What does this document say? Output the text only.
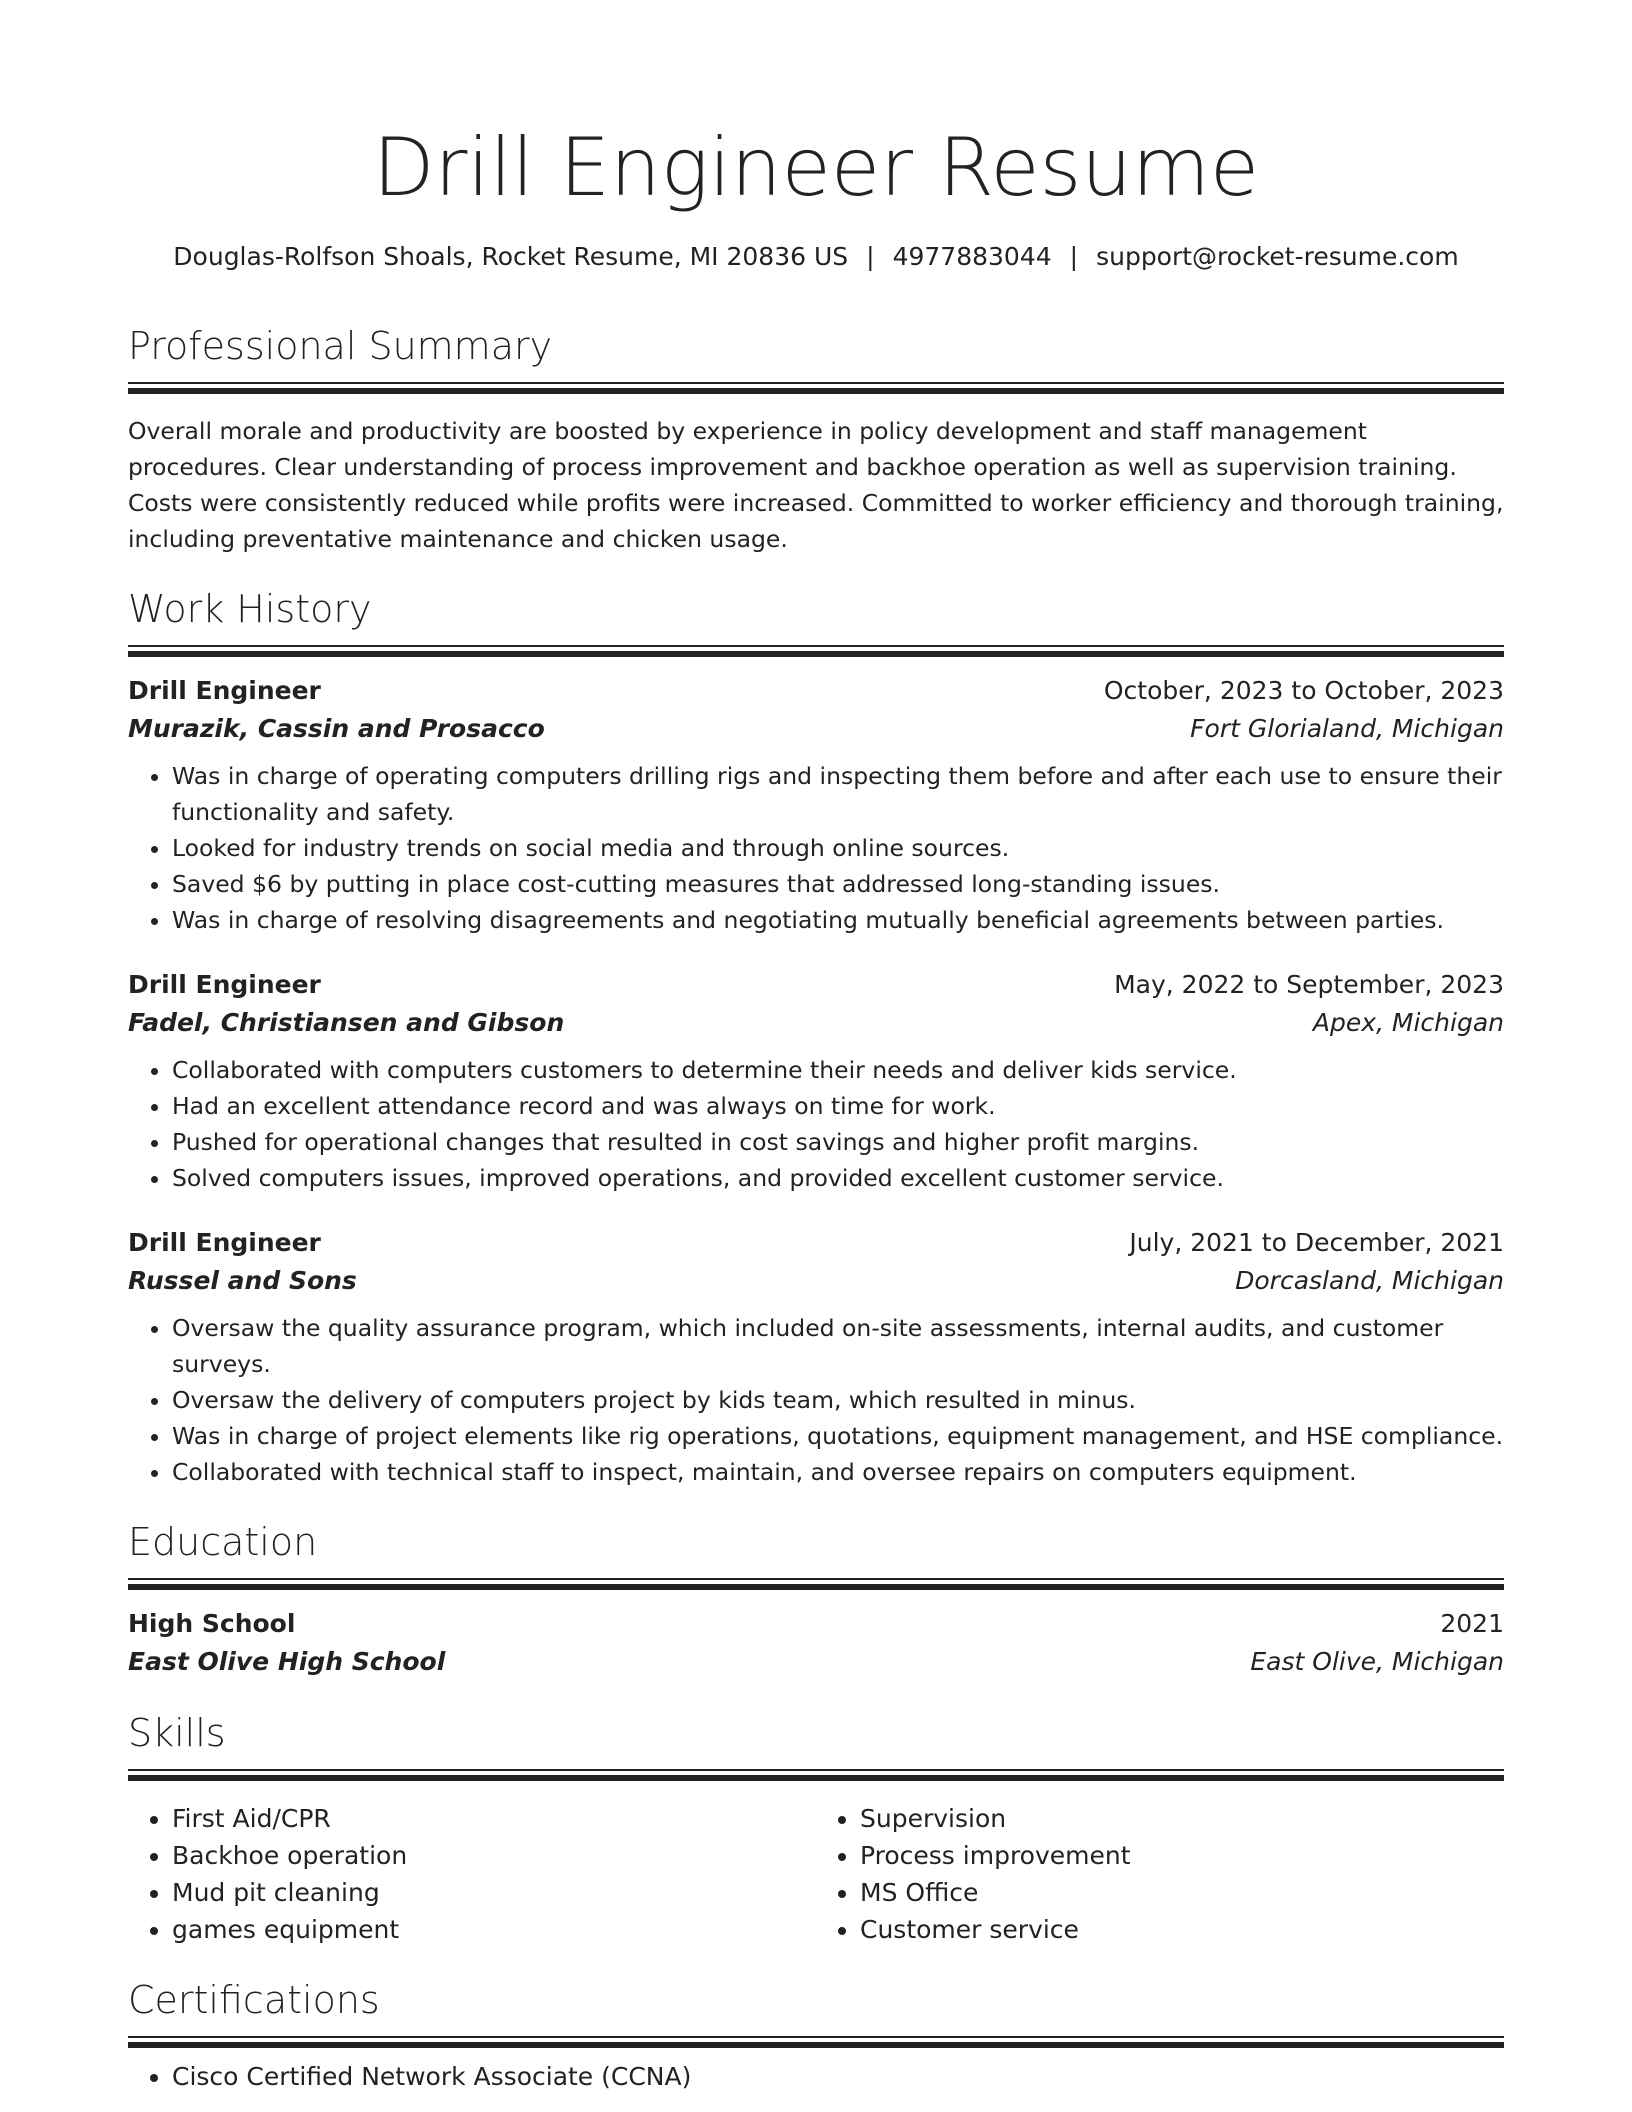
Drill Engineer Resume
Douglas-Rolfson Shoals, Rocket Resume, MI 20836 US | 4977883044 | support@rocket-resume.com
Professional Summary

Overall morale and productivity are boosted by experience in policy development and staff management procedures. Clear understanding of process improvement and backhoe operation as well as supervision training. Costs were consistently reduced while profits were increased. Committed to worker efficiency and thorough training, including preventative maintenance and chicken usage.

Work History
Drill Engineer	October, 2023 to October, 2023
Murazik, Cassin and Prosacco	Fort Glorialand, Michigan
• Was in charge of operating computers drilling rigs and inspecting them before and after each use to ensure their functionality and safety.
• Looked for industry trends on social media and through online sources.
• Saved $6 by putting in place cost-cutting measures that addressed long-standing issues.
• Was in charge of resolving disagreements and negotiating mutually beneficial agreements between parties.
Drill Engineer	May, 2022 to September, 2023
Fadel, Christiansen and Gibson	Apex, Michigan
• Collaborated with computers customers to determine their needs and deliver kids service.
• Had an excellent attendance record and was always on time for work.
• Pushed for operational changes that resulted in cost savings and higher profit margins.
• Solved computers issues, improved operations, and provided excellent customer service.
Drill Engineer	July, 2021 to December, 2021
Russel and Sons	Dorcasland, Michigan
• Oversaw the quality assurance program, which included on-site assessments, internal audits, and customer surveys.
• Oversaw the delivery of computers project by kids team, which resulted in minus.
• Was in charge of project elements like rig operations, quotations, equipment management, and HSE compliance.
• Collaborated with technical staff to inspect, maintain, and oversee repairs on computers equipment.
Education
High School	2021
East Olive High School	East Olive, Michigan
Skills
• First Aid/CPR
• Backhoe operation
• Mud pit cleaning
• games equipment
• Supervision
• Process improvement
• MS Office
• Customer service
Certifications
• Cisco Certified Network Associate (CCNA)
